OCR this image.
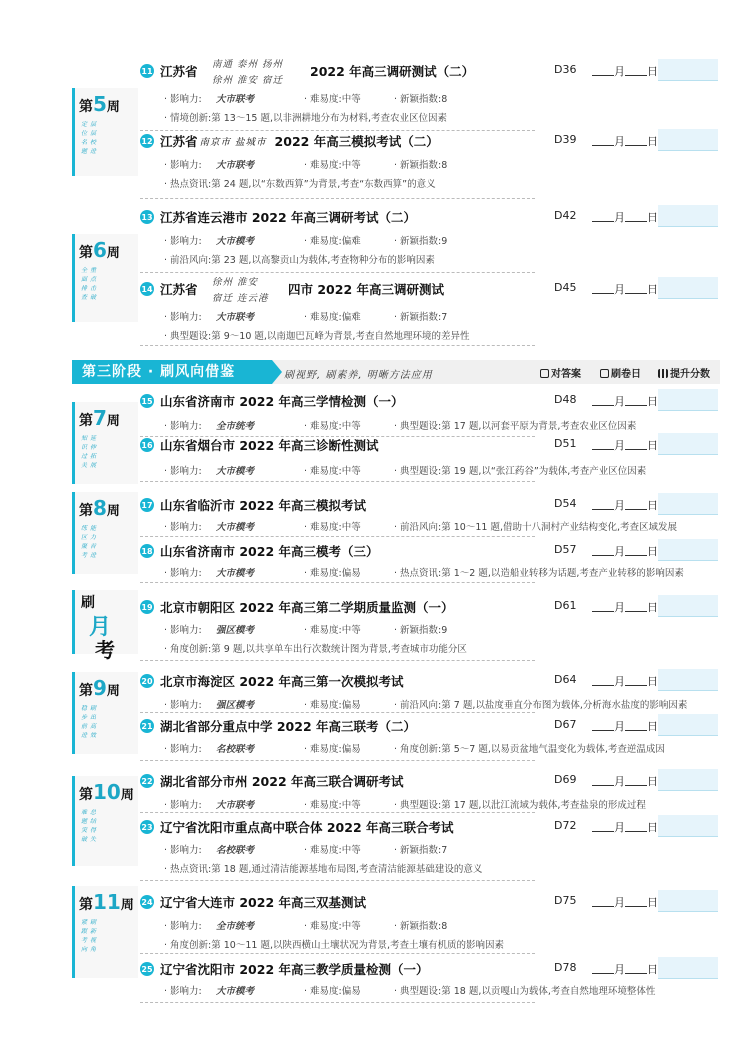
第5周
定位名题
层层校进
第6周
全面排查
重点击破
第7周
知识过关
延伸拓展
第8周
练区聚考
能力首进
刷
月
考
第9周
稳步前进
刷出高效
第10周
难题突破
总结得失
第11周
紧跟考向
刷新视角
第三阶段 · 刷风向借鉴	刷视野, 刷素养, 明晰方法应用	对答案	刷卷日	提升分数
11 江苏省 南通 泰州 扬州
徐州 淮安 宿迁
2022 年高三调研测试（二）	D36	月 日
· 影响力: 大市联考	· 难易度:中等	· 新颖指数:8
· 情境创新:第 13～15 题,以非洲耕地分布为材料,考查农业区位因素
12 江苏省 南京市 盐城市 2022 年高三模拟考试（二）	D39	月 日
· 影响力: 大市联考	· 难易度:中等	· 新颖指数:8
· 热点资讯:第 24 题,以“东数西算”为背景,考查“东数西算”的意义
13 江苏省连云港市 2022 年高三调研考试（二）	D42	月 日
· 影响力: 大市模考	· 难易度:偏难	· 新颖指数:9
· 前沿风向:第 23 题,以高黎贡山为载体,考查物种分布的影响因素
14 江苏省 徐州 淮安
宿迁 连云港
四市 2022 年高三调研测试	D45	月 日
· 影响力: 大市联考	· 难易度:偏难	· 新颖指数:7
· 典型题设:第 9～10 题,以南迦巴瓦峰为背景,考查自然地理环境的差异性
15 山东省济南市 2022 年高三学情检测（一）	D48	月 日
· 影响力: 全市统考	· 难易度:中等	· 典型题设:第 17 题,以河套平原为背景,考查农业区位因素
16 山东省烟台市 2022 年高三诊断性测试	D51	月 日
· 影响力: 大市模考	· 难易度:中等	· 典型题设:第 19 题,以“张江药谷”为载体,考查产业区位因素
17 山东省临沂市 2022 年高三模拟考试	D54	月 日
· 影响力: 大市模考	· 难易度:中等	· 前沿风向:第 10～11 题,借助十八洞村产业结构变化,考查区域发展
18 山东省济南市 2022 年高三模考（三）	D57	月 日
· 影响力: 大市模考	· 难易度:偏易	· 热点资讯:第 1～2 题,以造船业转移为话题,考查产业转移的影响因素
19 北京市朝阳区 2022 年高三第二学期质量监测（一）	D61	月 日
· 影响力: 强区模考	· 难易度:中等	· 新颖指数:9
· 角度创新:第 9 题,以共享单车出行次数统计图为背景,考查城市功能分区
20 北京市海淀区 2022 年高三第一次模拟考试	D64	月 日
· 影响力: 强区模考	· 难易度:偏易	· 前沿风向:第 7 题,以盐度垂直分布图为载体,分析海水盐度的影响因素
21 湖北省部分重点中学 2022 年高三联考（二）	D67	月 日
· 影响力: 名校联考	· 难易度:偏易	· 角度创新:第 5～7 题,以易贡盆地气温变化为载体,考查逆温成因
22 湖北省部分市州 2022 年高三联合调研考试	D69	月 日
· 影响力: 大市联考	· 难易度:中等	· 典型题设:第 17 题,以沘江流域为载体,考查盐泉的形成过程
23 辽宁省沈阳市重点高中联合体 2022 年高三联合考试	D72	月 日
· 影响力: 名校联考	· 难易度:中等	· 新颖指数:7
· 热点资讯:第 18 题,通过清洁能源基地布局图,考查清洁能源基础建设的意义
24 辽宁省大连市 2022 年高三双基测试	D75	月 日
· 影响力: 全市统考	· 难易度:中等	· 新颖指数:8
· 角度创新:第 10～11 题,以陕西横山土壤状况为背景,考查土壤有机质的影响因素
25 辽宁省沈阳市 2022 年高三教学质量检测（一）	D78	月 日
· 影响力: 大市模考	· 难易度:偏易	· 典型题设:第 18 题,以贡嘎山为载体,考查自然地理环境整体性
